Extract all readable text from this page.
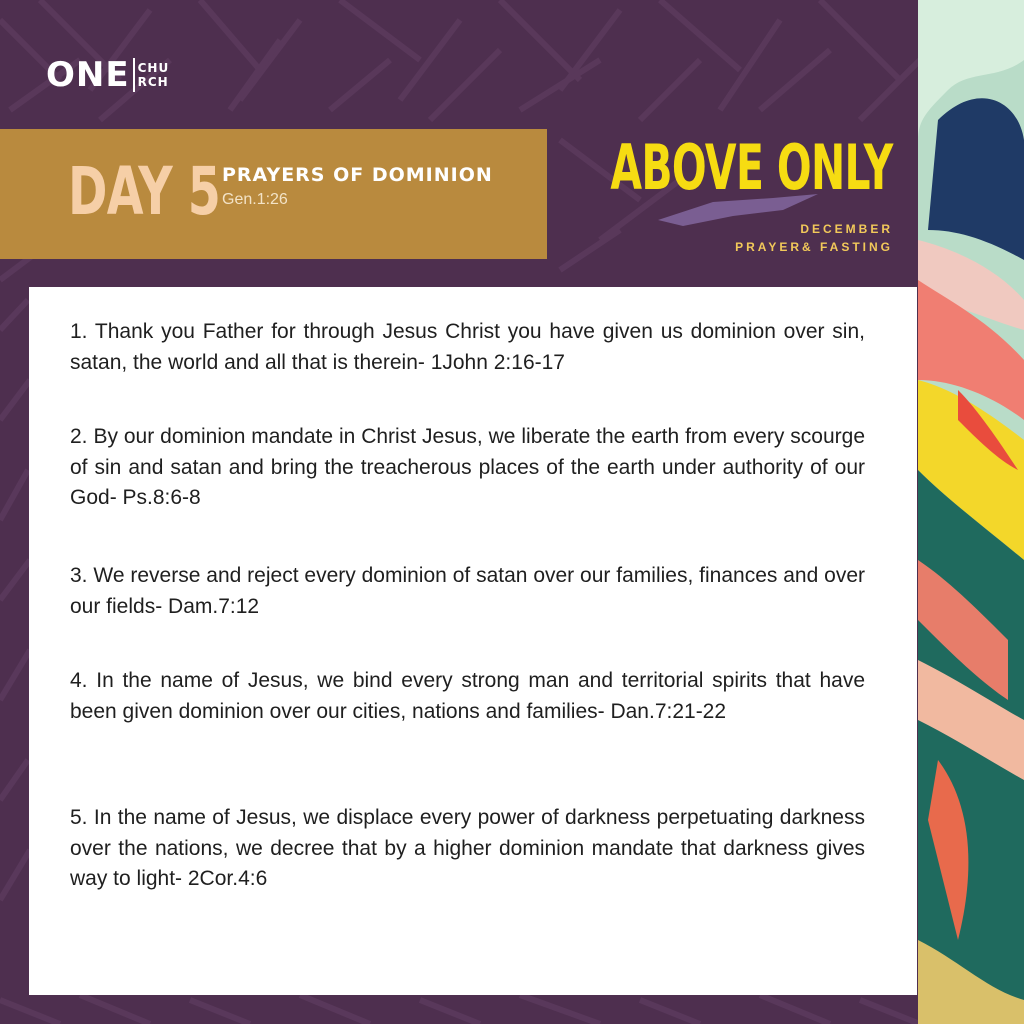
ONE CHU
RCH
DAY 5 PRAYERS OF DOMINION
Gen.1:26	ABOVE ONLY
DECEMBER
PRAYER& FASTING

1. Thank you Father for through Jesus Christ you have given us dominion over sin, satan, the world and all that is therein- 1John 2:16-17

2. By our dominion mandate in Christ Jesus, we liberate the earth from every scourge of sin and satan and bring the treacherous places of the earth under authority of our God- Ps.8:6-8

3. We reverse and reject every dominion of satan over our families, finances and over our fields- Dam.7:12

4. In the name of Jesus, we bind every strong man and territorial spirits that have been given dominion over our cities, nations and families- Dan.7:21-22

5. In the name of Jesus, we displace every power of darkness perpetuating darkness over the nations, we decree that by a higher dominion mandate that darkness gives way to light- 2Cor.4:6
